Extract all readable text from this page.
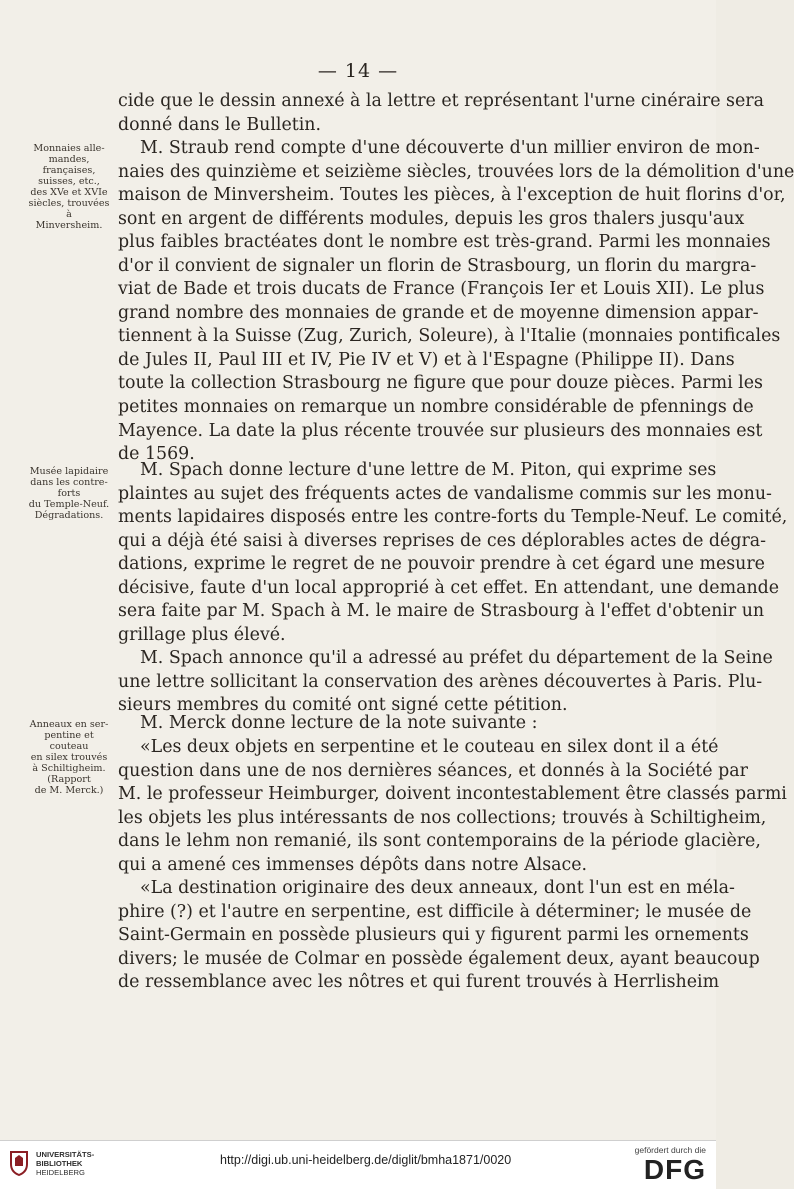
— 14 —

cide que le dessin annexé à la lettre et représentant l'urne cinéraire sera
donné dans le Bulletin.

Monnaies alle-
mandes, françaises,
suisses, etc.,
des XVe et XVIe
siècles, trouvées à
Minversheim.

M. Straub rend compte d'une découverte d'un millier environ de mon-
naies des quinzième et seizième siècles, trouvées lors de la démolition d'une
maison de Minversheim. Toutes les pièces, à l'exception de huit florins d'or,
sont en argent de différents modules, depuis les gros thalers jusqu'aux
plus faibles bractéates dont le nombre est très-grand. Parmi les monnaies
d'or il convient de signaler un florin de Strasbourg, un florin du margra-
viat de Bade et trois ducats de France (François Ier et Louis XII). Le plus
grand nombre des monnaies de grande et de moyenne dimension appar-
tiennent à la Suisse (Zug, Zurich, Soleure), à l'Italie (monnaies pontificales
de Jules II, Paul III et IV, Pie IV et V) et à l'Espagne (Philippe II). Dans
toute la collection Strasbourg ne figure que pour douze pièces. Parmi les
petites monnaies on remarque un nombre considérable de pfennings de
Mayence. La date la plus récente trouvée sur plusieurs des monnaies est
de 1569.

Musée lapidaire
dans les contre-forts
du Temple-Neuf.
Dégradations.

M. Spach donne lecture d'une lettre de M. Piton, qui exprime ses
plaintes au sujet des fréquents actes de vandalisme commis sur les monu-
ments lapidaires disposés entre les contre-forts du Temple-Neuf. Le comité,
qui a déjà été saisi à diverses reprises de ces déplorables actes de dégra-
dations, exprime le regret de ne pouvoir prendre à cet égard une mesure
décisive, faute d'un local approprié à cet effet. En attendant, une demande
sera faite par M. Spach à M. le maire de Strasbourg à l'effet d'obtenir un
grillage plus élevé.

M. Spach annonce qu'il a adressé au préfet du département de la Seine
une lettre sollicitant la conservation des arènes découvertes à Paris. Plu-
sieurs membres du comité ont signé cette pétition.

Anneaux en ser-
pentine et couteau
en silex trouvés
à Schiltigheim.
(Rapport
de M. Merck.)

M. Merck donne lecture de la note suivante :

«Les deux objets en serpentine et le couteau en silex dont il a été
question dans une de nos dernières séances, et donnés à la Société par
M. le professeur Heimburger, doivent incontestablement être classés parmi
les objets les plus intéressants de nos collections; trouvés à Schiltigheim,
dans le lehm non remanié, ils sont contemporains de la période glacière,
qui a amené ces immenses dépôts dans notre Alsace.

«La destination originaire des deux anneaux, dont l'un est en méla-
phire (?) et l'autre en serpentine, est difficile à déterminer; le musée de
Saint-Germain en possède plusieurs qui y figurent parmi les ornements
divers; le musée de Colmar en possède également deux, ayant beaucoup
de ressemblance avec les nôtres et qui furent trouvés à Herrlisheim

UNIVERSITÄTS-
BIBLIOTHEK
HEIDELBERG
http://digi.ub.uni-heidelberg.de/diglit/bmha1871/0020
gefördert durch die
DFG
